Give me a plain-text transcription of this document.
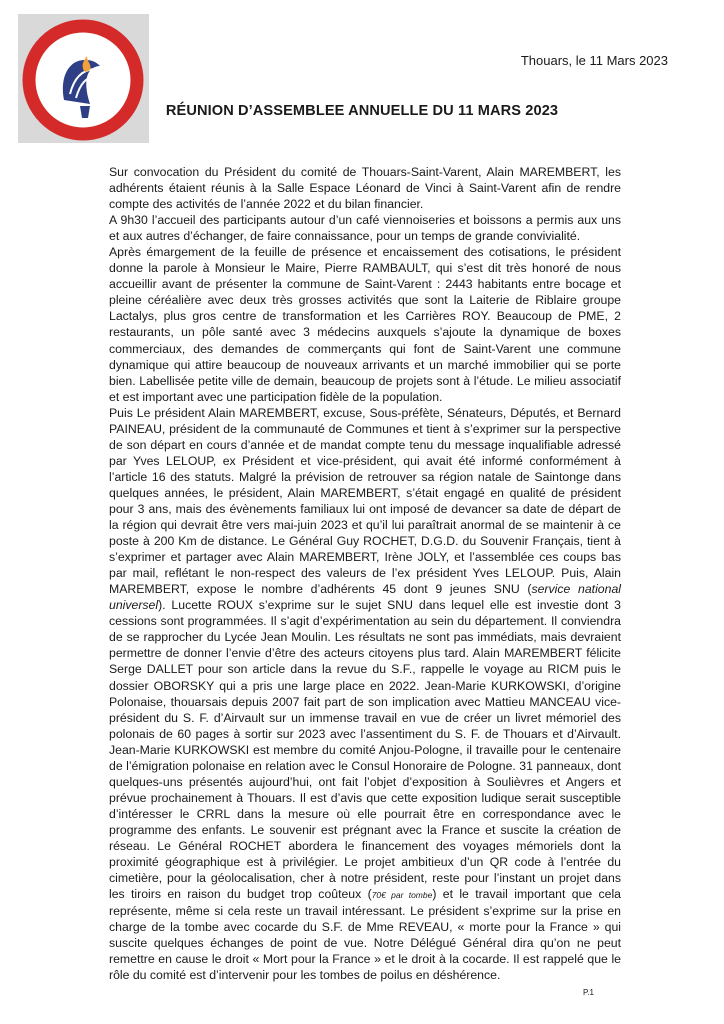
Thouars, le 11 Mars 2023
RÉUNION D’ASSEMBLEE ANNUELLE DU 11 MARS 2023

Sur convocation du Président du comité de Thouars-Saint-Varent, Alain MAREMBERT, les adhérents étaient réunis à la Salle Espace Léonard de Vinci à Saint-Varent afin de rendre compte des activités de l’année 2022 et du bilan financier.

A 9h30 l’accueil des participants autour d’un café viennoiseries et boissons a permis aux uns et aux autres d’échanger, de faire connaissance, pour un temps de grande convivialité.

Après émargement de la feuille de présence et encaissement des cotisations, le président donne la parole à Monsieur le Maire, Pierre RAMBAULT, qui s’est dit très honoré de nous accueillir avant de présenter la commune de Saint-Varent : 2443 habitants entre bocage et pleine céréalière avec deux très grosses activités que sont la Laiterie de Riblaire groupe Lactalys, plus gros centre de transformation et les Carrières ROY. Beaucoup de PME, 2 restaurants, un pôle santé avec 3 médecins auxquels s’ajoute la dynamique de boxes commerciaux, des demandes de commerçants qui font de Saint-Varent une commune dynamique qui attire beaucoup de nouveaux arrivants et un marché immobilier qui se porte bien. Labellisée petite ville de demain, beaucoup de projets sont à l’étude. Le milieu associatif et est important avec une participation fidèle de la population.

Puis Le président Alain MAREMBERT, excuse, Sous-préfète, Sénateurs, Députés, et Bernard PAINEAU, président de la communauté de Communes et tient à s’exprimer sur la perspective de son départ en cours d’année et de mandat compte tenu du message inqualifiable adressé par Yves LELOUP, ex Président et vice-président, qui avait été informé conformément à l’article 16 des statuts. Malgré la prévision de retrouver sa région natale de Saintonge dans quelques années, le président, Alain MAREMBERT, s’était engagé en qualité de président pour 3 ans, mais des évènements familiaux lui ont imposé de devancer sa date de départ de la région qui devrait être vers mai-juin 2023 et qu’il lui paraîtrait anormal de se maintenir à ce poste à 200 Km de distance. Le Général Guy ROCHET, D.G.D. du Souvenir Français, tient à s’exprimer et partager avec Alain MAREMBERT, Irène JOLY, et l’assemblée ces coups bas par mail, reflétant le non-respect des valeurs de l’ex président Yves LELOUP. Puis, Alain MAREMBERT, expose le nombre d’adhérents 45 dont 9 jeunes SNU (service national universel). Lucette ROUX s’exprime sur le sujet SNU dans lequel elle est investie dont 3 cessions sont programmées. Il s’agit d’expérimentation au sein du département. Il conviendra de se rapprocher du Lycée Jean Moulin. Les résultats ne sont pas immédiats, mais devraient permettre de donner l’envie d’être des acteurs citoyens plus tard. Alain MAREMBERT félicite Serge DALLET pour son article dans la revue du S.F., rappelle le voyage au RICM puis le dossier OBORSKY qui a pris une large place en 2022. Jean-Marie KURKOWSKI, d’origine Polonaise, thouarsais depuis 2007 fait part de son implication avec Mattieu MANCEAU vice-président du S. F. d’Airvault sur un immense travail en vue de créer un livret mémoriel des polonais de 60 pages à sortir sur 2023 avec l’assentiment du S. F. de Thouars et d’Airvault. Jean-Marie KURKOWSKI est membre du comité Anjou-Pologne, il travaille pour le centenaire de l’émigration polonaise en relation avec le Consul Honoraire de Pologne. 31 panneaux, dont quelques-uns présentés aujourd’hui, ont fait l’objet d’exposition à Soulièvres et Angers et prévue prochainement à Thouars. Il est d’avis que cette exposition ludique serait susceptible d’intéresser le CRRL dans la mesure où elle pourrait être en correspondance avec le programme des enfants. Le souvenir est prégnant avec la France et suscite la création de réseau. Le Général ROCHET abordera le financement des voyages mémoriels dont la proximité géographique est à privilégier. Le projet ambitieux d’un QR code à l’entrée du cimetière, pour la géolocalisation, cher à notre président, reste pour l’instant un projet dans les tiroirs en raison du budget trop coûteux (70€ par tombe) et le travail important que cela représente, même si cela reste un travail intéressant. Le président s’exprime sur la prise en charge de la tombe avec cocarde du S.F. de Mme REVEAU, « morte pour la France » qui suscite quelques échanges de point de vue. Notre Délégué Général dira qu’on ne peut remettre en cause le droit « Mort pour la France » et le droit à la cocarde. Il est rappelé que le rôle du comité est d’intervenir pour les tombes de poilus en déshérence.

P.1
